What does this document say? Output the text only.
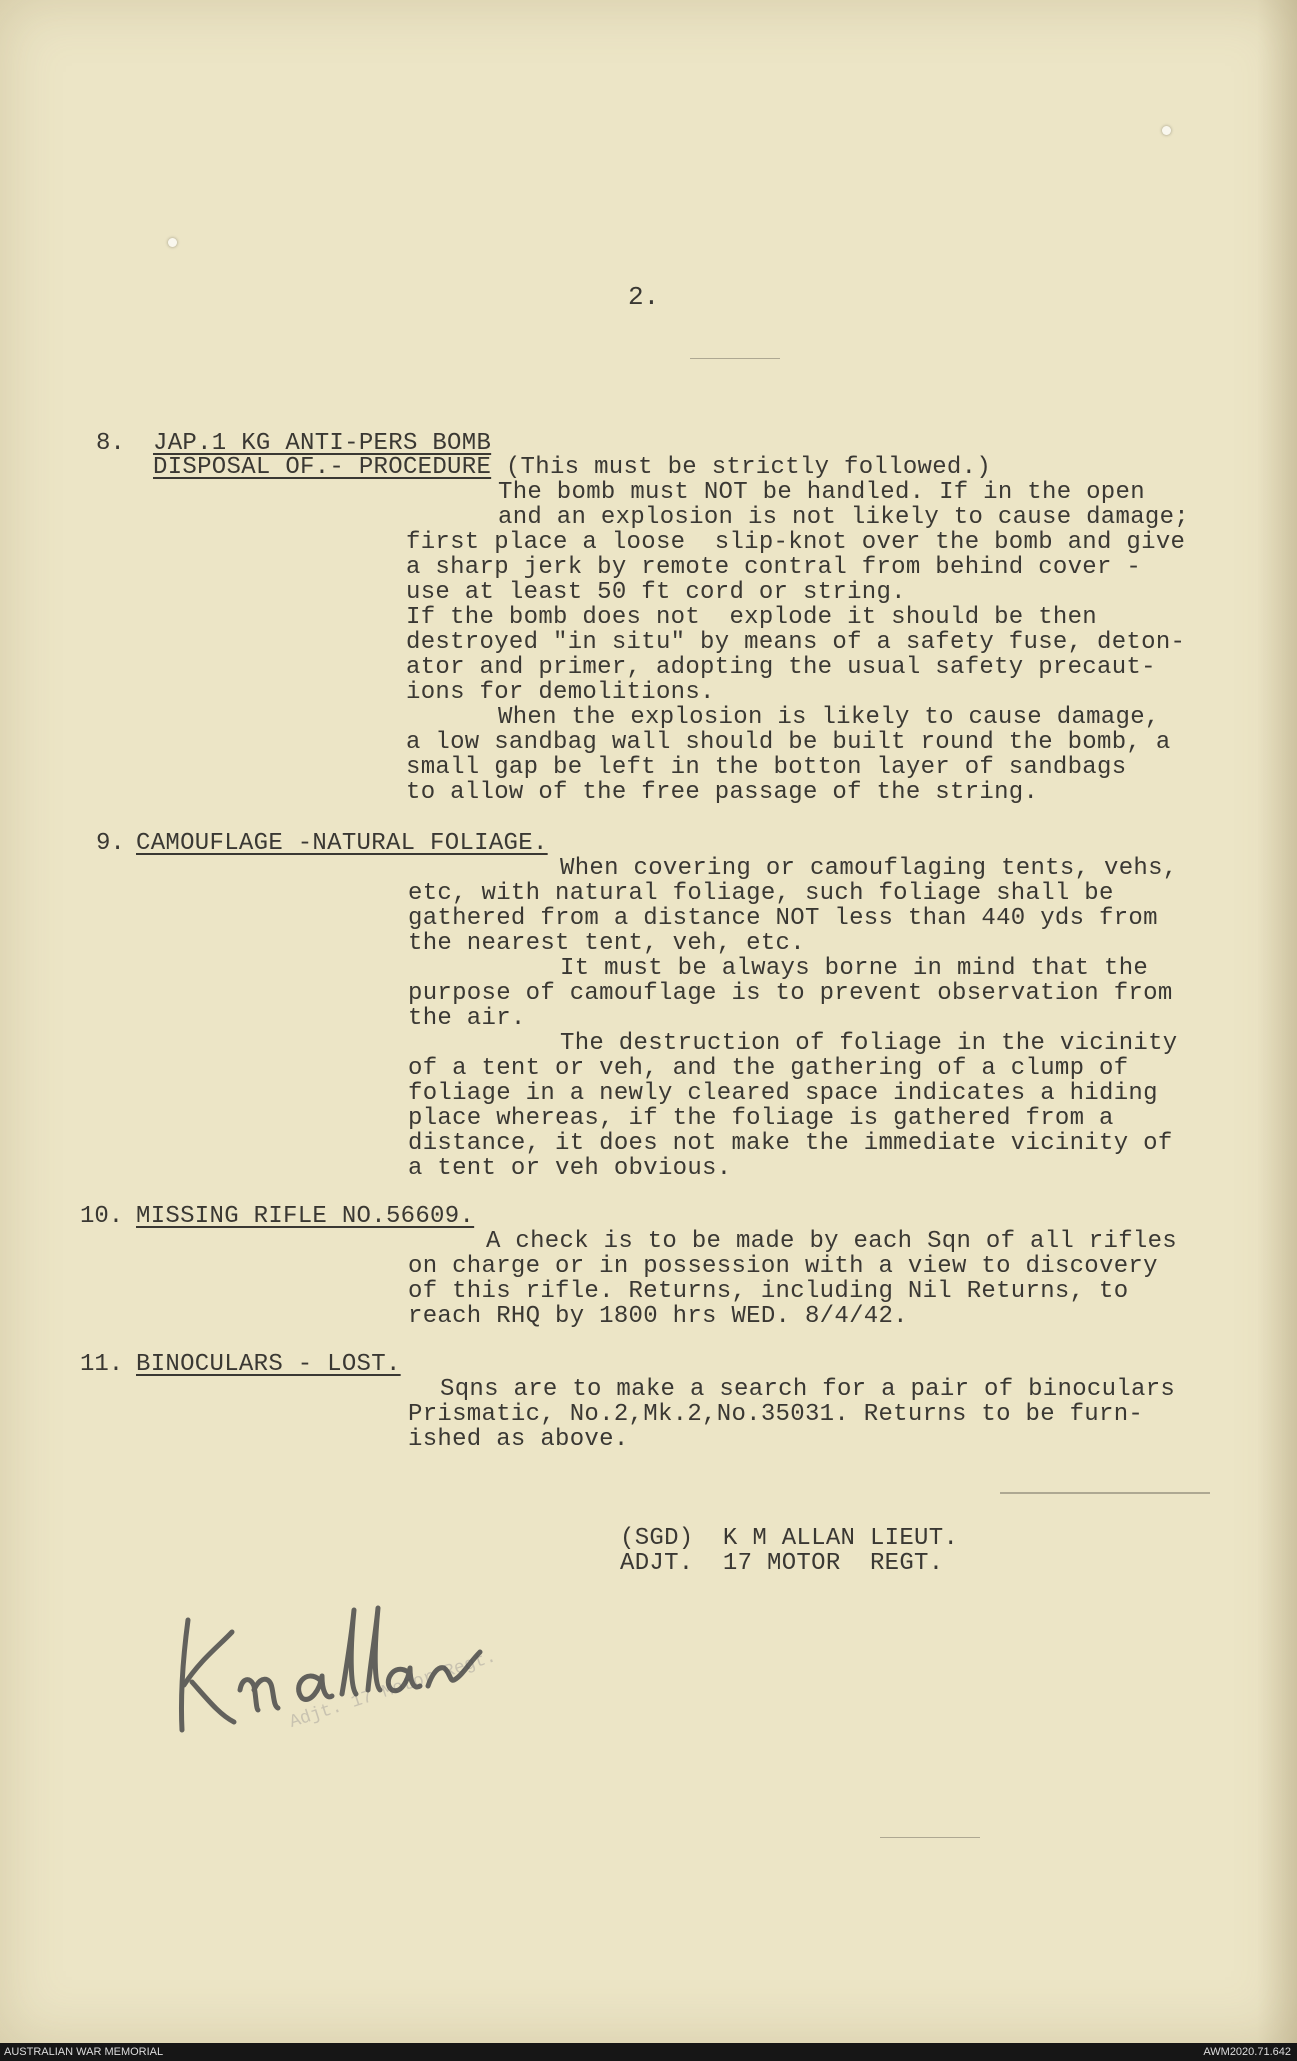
2.
8. JAP.1 KG ANTI-PERS BOMB
DISPOSAL OF.- PROCEDURE (This must be strictly followed.)
The bomb must NOT be handled. If in the open
and an explosion is not likely to cause damage;
first place a loose  slip-knot over the bomb and give
a sharp jerk by remote contral from behind cover -
use at least 50 ft cord or string.
If the bomb does not  explode it should be then
destroyed "in situ" by means of a safety fuse, deton-
ator and primer, adopting the usual safety precaut-
ions for demolitions.
When the explosion is likely to cause damage,
a low sandbag wall should be built round the bomb, a
small gap be left in the botton layer of sandbags
to allow of the free passage of the string.
9. CAMOUFLAGE -NATURAL FOLIAGE.
When covering or camouflaging tents, vehs,
etc, with natural foliage, such foliage shall be
gathered from a distance NOT less than 440 yds from
the nearest tent, veh, etc.
It must be always borne in mind that the
purpose of camouflage is to prevent observation from
the air.
The destruction of foliage in the vicinity
of a tent or veh, and the gathering of a clump of
foliage in a newly cleared space indicates a hiding
place whereas, if the foliage is gathered from a
distance, it does not make the immediate vicinity of
a tent or veh obvious.
10. MISSING RIFLE NO.56609.
A check is to be made by each Sqn of all rifles
on charge or in possession with a view to discovery
of this rifle. Returns, including Nil Returns, to
reach RHQ by 1800 hrs WED. 8/4/42.
11. BINOCULARS - LOST.
Sqns are to make a search for a pair of binoculars
Prismatic, No.2,Mk.2,No.35031. Returns to be furn-
ished as above.
(SGD)  K M ALLAN LIEUT.
ADJT.  17 MOTOR  REGT.
Adjt. 17 Motor Regt.
AUSTRALIAN WAR MEMORIAL	AWM2020.71.642
